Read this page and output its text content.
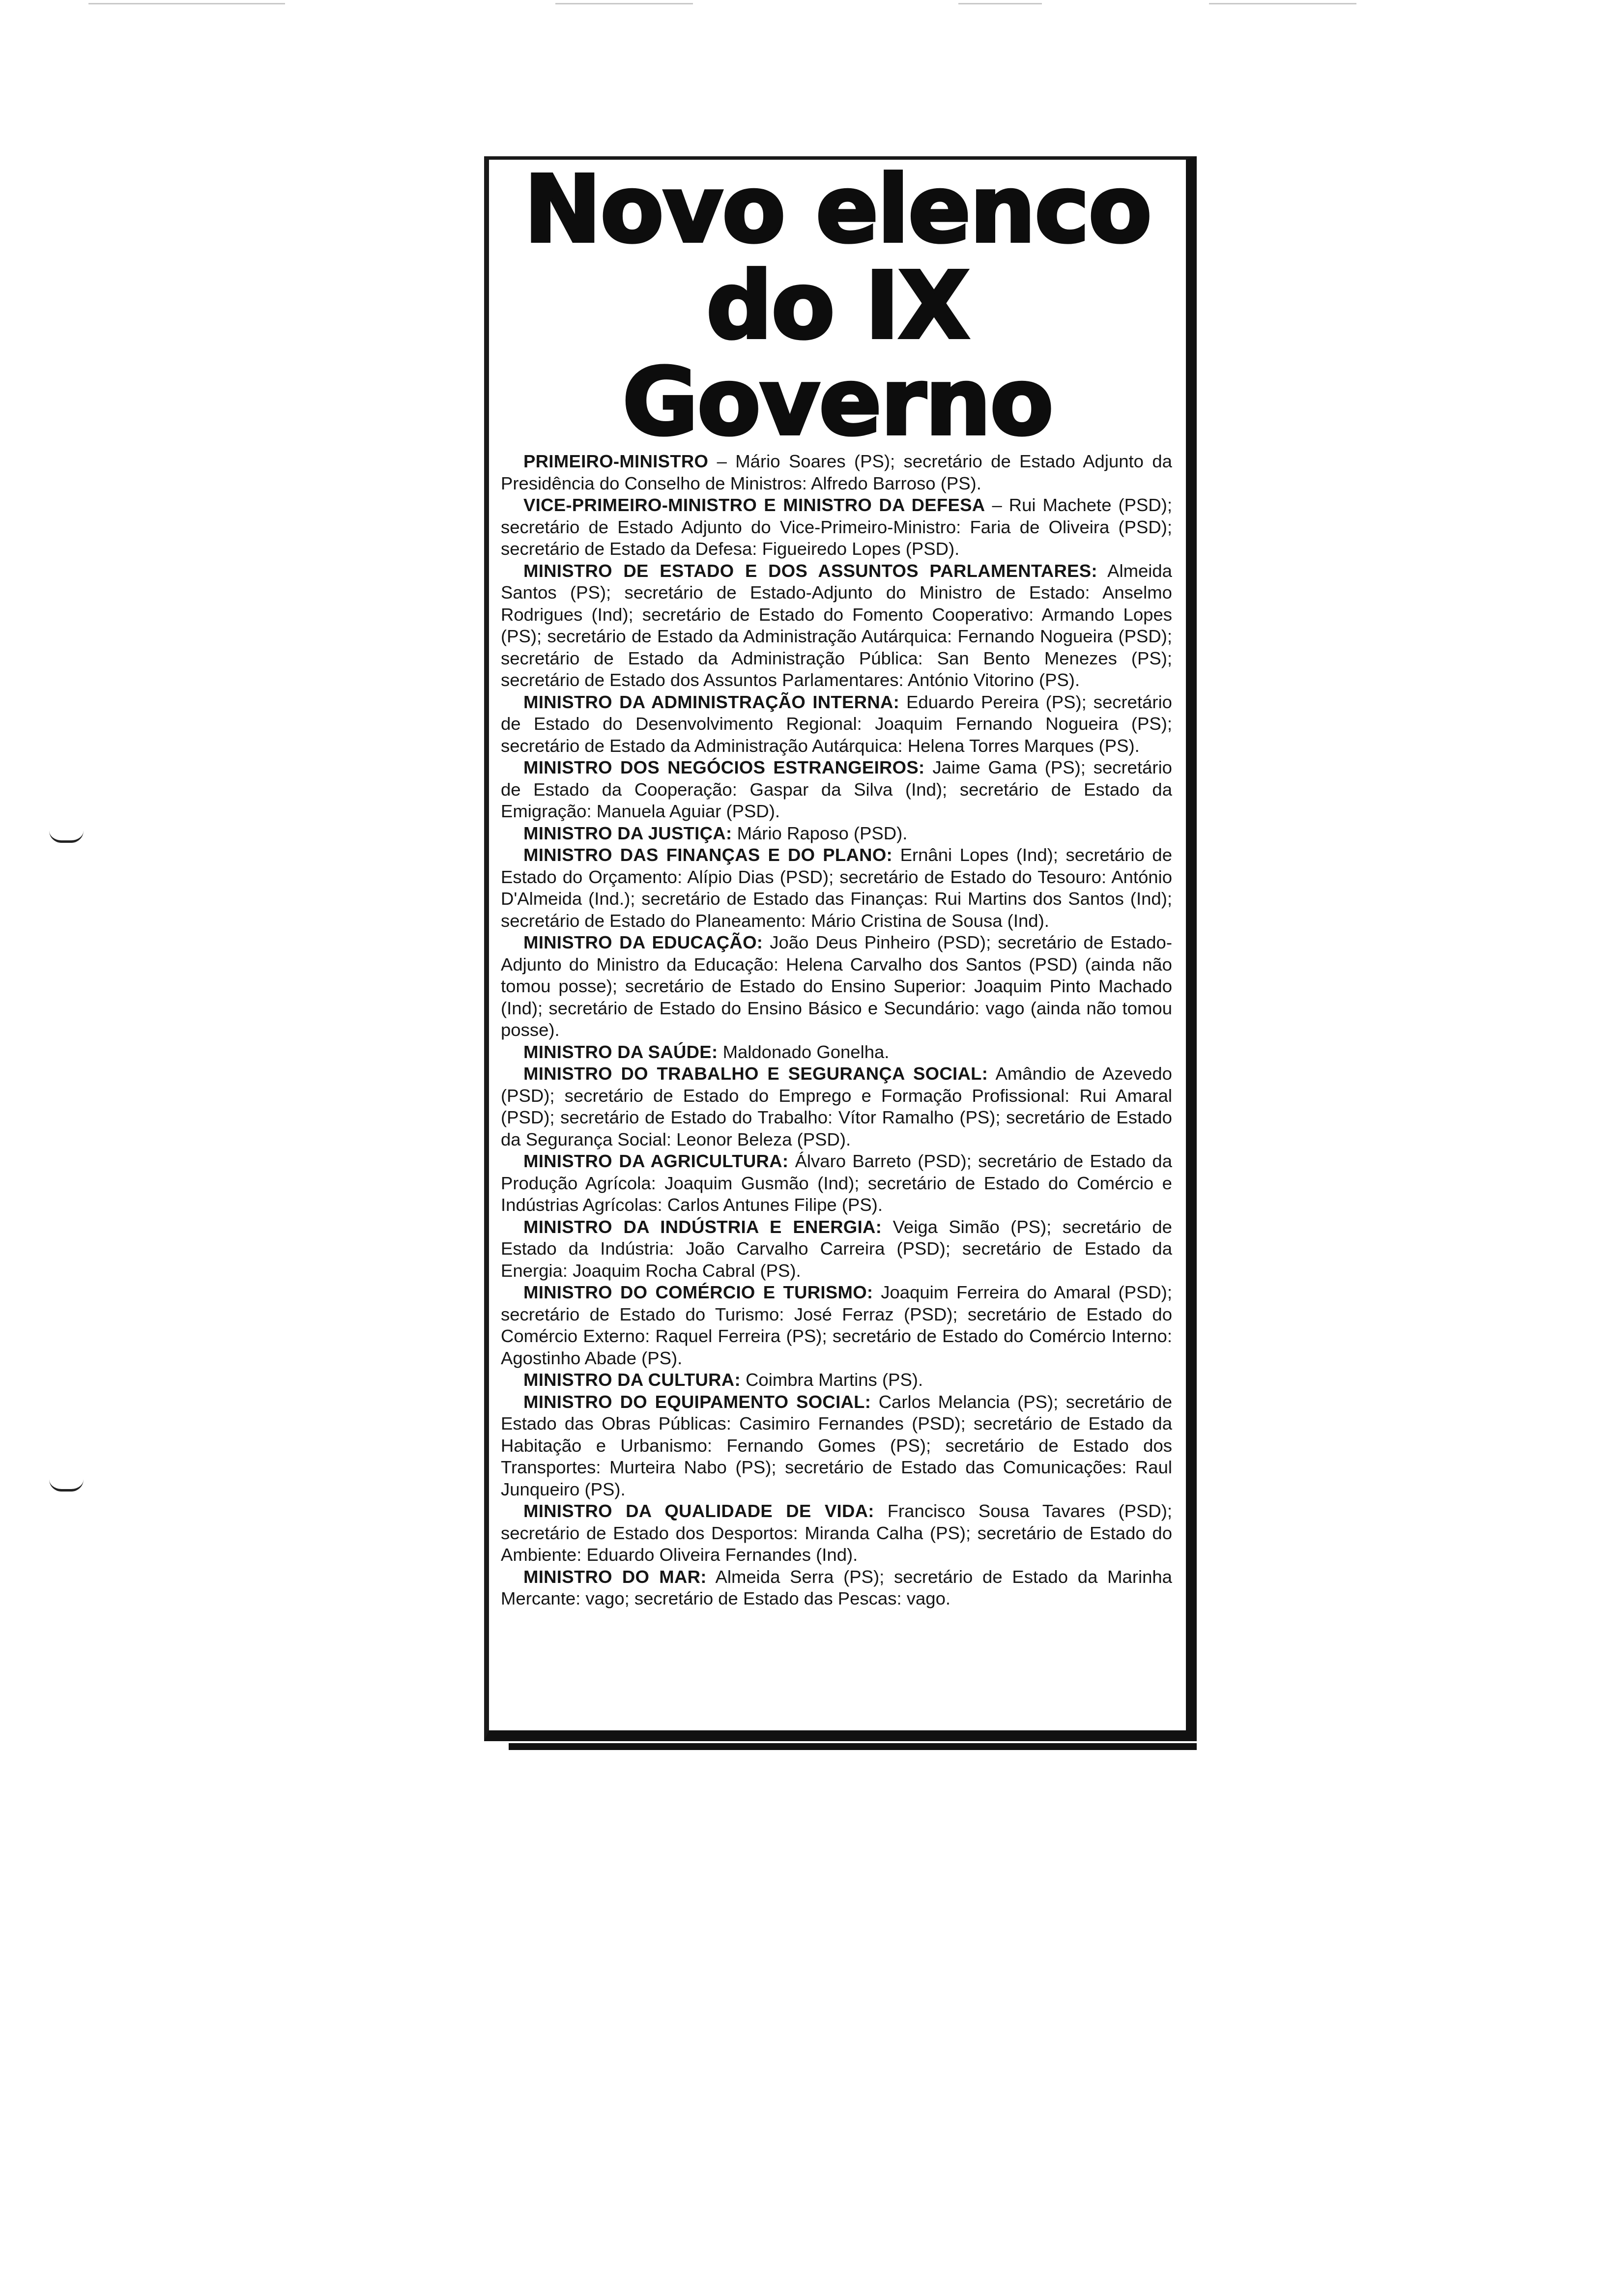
Novo elenco
do IX Governo

PRIMEIRO-MINISTRO – Mário Soares (PS); secretário de Estado Adjunto da Presidência do Conselho de Ministros: Alfredo Barroso (PS).

VICE-PRIMEIRO-MINISTRO E MINISTRO DA DEFESA – Rui Machete (PSD); secretário de Estado Adjunto do Vice-Primeiro-Ministro: Faria de Oliveira (PSD); secretário de Estado da Defesa: Figueiredo Lopes (PSD).

MINISTRO DE ESTADO E DOS ASSUNTOS PARLAMENTARES: Almeida Santos (PS); secretário de Estado-Adjunto do Ministro de Estado: Anselmo Rodrigues (Ind); secretário de Estado do Fomento Cooperativo: Armando Lopes (PS); secretário de Estado da Administração Autárquica: Fernando Nogueira (PSD); secretário de Estado da Administração Pública: San Bento Menezes (PS); secretário de Estado dos Assuntos Parlamentares: António Vitorino (PS).

MINISTRO DA ADMINISTRAÇÃO INTERNA: Eduardo Pereira (PS); secretário de Estado do Desenvolvimento Regional: Joaquim Fernando Nogueira (PS); secretário de Estado da Administração Autárquica: Helena Torres Marques (PS).

MINISTRO DOS NEGÓCIOS ESTRANGEIROS: Jaime Gama (PS); secretário de Estado da Cooperação: Gaspar da Silva (Ind); secretário de Estado da Emigração: Manuela Aguiar (PSD).

MINISTRO DA JUSTIÇA: Mário Raposo (PSD).

MINISTRO DAS FINANÇAS E DO PLANO: Ernâni Lopes (Ind); secretário de Estado do Orçamento: Alípio Dias (PSD); secretário de Estado do Tesouro: António D'Almeida (Ind.); secretário de Estado das Finanças: Rui Martins dos Santos (Ind); secretário de Estado do Planeamento: Mário Cristina de Sousa (Ind).

MINISTRO DA EDUCAÇÃO: João Deus Pinheiro (PSD); secretário de Estado-Adjunto do Ministro da Educação: Helena Carvalho dos Santos (PSD) (ainda não tomou posse); secretário de Estado do Ensino Superior: Joaquim Pinto Machado (Ind); secretário de Estado do Ensino Básico e Secundário: vago (ainda não tomou posse).

MINISTRO DA SAÚDE: Maldonado Gonelha.

MINISTRO DO TRABALHO E SEGURANÇA SOCIAL: Amândio de Azevedo (PSD); secretário de Estado do Emprego e Formação Profissional: Rui Amaral (PSD); secretário de Estado do Trabalho: Vítor Ramalho (PS); secretário de Estado da Segurança Social: Leonor Beleza (PSD).

MINISTRO DA AGRICULTURA: Álvaro Barreto (PSD); secretário de Estado da Produção Agrícola: Joaquim Gusmão (Ind); secretário de Estado do Comércio e Indústrias Agrícolas: Carlos Antunes Filipe (PS).

MINISTRO DA INDÚSTRIA E ENERGIA: Veiga Simão (PS); secretário de Estado da Indústria: João Carvalho Carreira (PSD); secretário de Estado da Energia: Joaquim Rocha Cabral (PS).

MINISTRO DO COMÉRCIO E TURISMO: Joaquim Ferreira do Amaral (PSD); secretário de Estado do Turismo: José Ferraz (PSD); secretário de Estado do Comércio Externo: Raquel Ferreira (PS); secretário de Estado do Comércio Interno: Agostinho Abade (PS).

MINISTRO DA CULTURA: Coimbra Martins (PS).

MINISTRO DO EQUIPAMENTO SOCIAL: Carlos Melancia (PS); secretário de Estado das Obras Públicas: Casimiro Fernandes (PSD); secretário de Estado da Habitação e Urbanismo: Fernando Gomes (PS); secretário de Estado dos Transportes: Murteira Nabo (PS); secretário de Estado das Comunicações: Raul Junqueiro (PS).

MINISTRO DA QUALIDADE DE VIDA: Francisco Sousa Tavares (PSD); secretário de Estado dos Desportos: Miranda Calha (PS); secretário de Estado do Ambiente: Eduardo Oliveira Fernandes (Ind).

MINISTRO DO MAR: Almeida Serra (PS); secretário de Estado da Marinha Mercante: vago; secretário de Estado das Pescas: vago.
